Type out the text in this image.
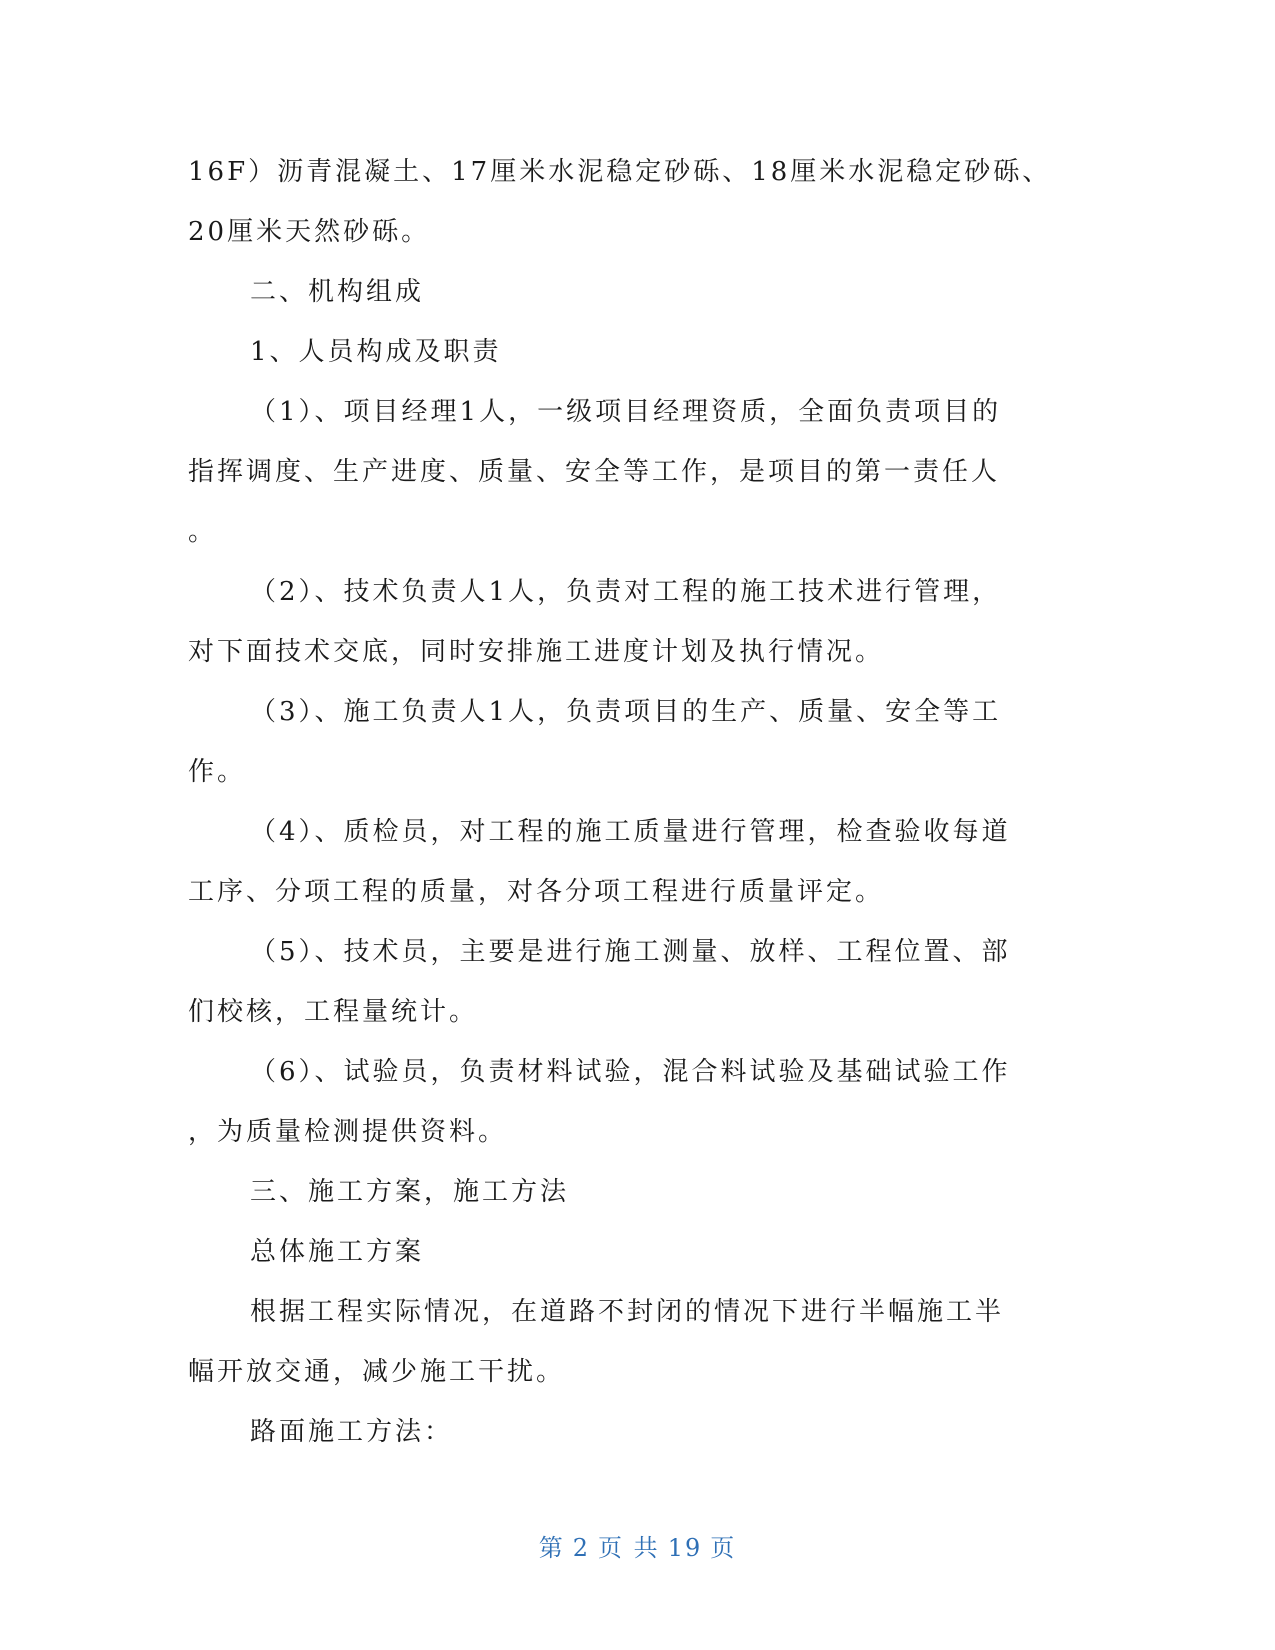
16F）沥青混凝土、17厘米水泥稳定砂砾、18厘米水泥稳定砂砾、
20厘米天然砂砾。
二、机构组成
1、人员构成及职责
（1）、项目经理1人，一级项目经理资质，全面负责项目的
指挥调度、生产进度、质量、安全等工作，是项目的第一责任人
。
（2）、技术负责人1人，负责对工程的施工技术进行管理，
对下面技术交底，同时安排施工进度计划及执行情况。
（3）、施工负责人1人，负责项目的生产、质量、安全等工
作。
（4）、质检员，对工程的施工质量进行管理，检查验收每道
工序、分项工程的质量，对各分项工程进行质量评定。
（5）、技术员，主要是进行施工测量、放样、工程位置、部
们校核，工程量统计。
（6）、试验员，负责材料试验，混合料试验及基础试验工作
，为质量检测提供资料。
三、施工方案，施工方法
总体施工方案
根据工程实际情况，在道路不封闭的情况下进行半幅施工半
幅开放交通，减少施工干扰。
路面施工方法：
第 2 页 共 19 页
